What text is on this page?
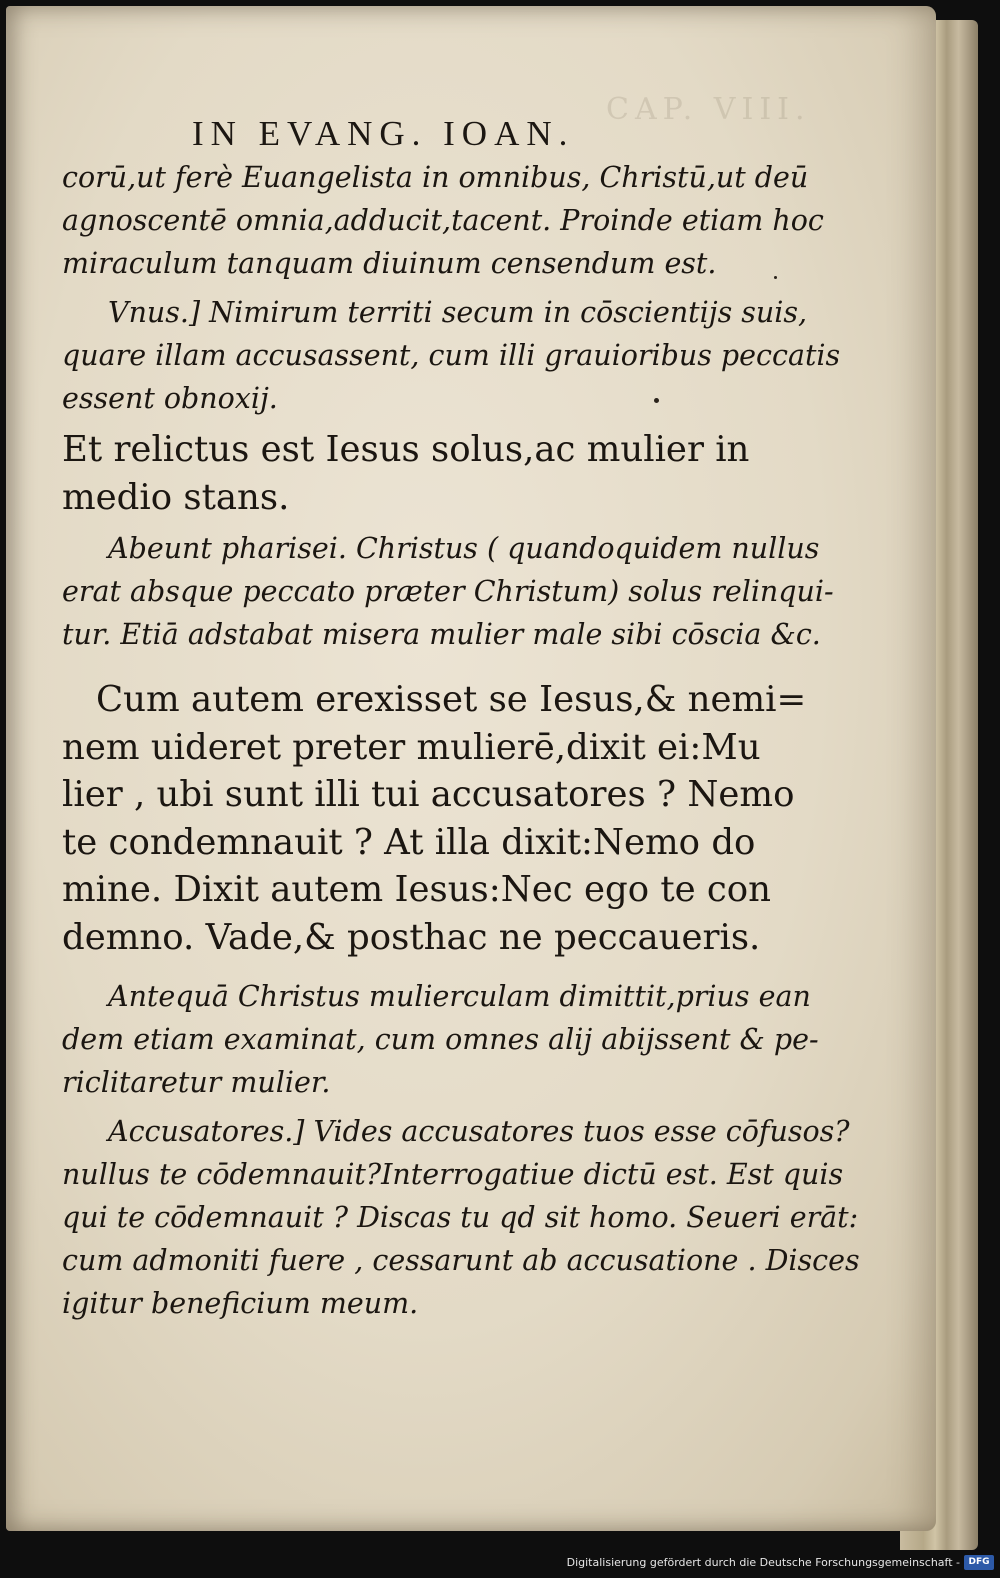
CAP. VIII.
IN EVANG. IOAN.

corū,ut ferè Euangelista in omnibus, Christū,ut deū
agnoscentē omnia,adducit,tacent. Proinde etiam hoc
miraculum tanquam diuinum censendum est.

Vnus.] Nimirum territi secum in cōscientijs suis,
quare illam accusassent, cum illi grauioribus peccatis
essent obnoxij.

Et relictus est Iesus solus,ac mulier in
medio stans.

Abeunt pharisei. Christus ( quandoquidem nullus
erat absque peccato præter Christum) solus relinqui-
tur. Etiā adstabat misera mulier male sibi cōscia &c.

Cum autem erexisset se Iesus,& nemi=
nem uideret preter mulierē,dixit ei:Mu
lier , ubi sunt illi tui accusatores ? Nemo
te condemnauit ? At illa dixit:Nemo do
mine. Dixit autem Iesus:Nec ego te con
demno. Vade,& posthac ne peccaueris.

Antequā Christus mulierculam dimittit,prius ean
dem etiam examinat, cum omnes alij abijssent & pe-
riclitaretur mulier.

Accusatores.] Vides accusatores tuos esse cōfusos?
nullus te cōdemnauit?Interrogatiue dictū est. Est quis
qui te cōdemnauit ? Discas tu qd sit homo. Seueri erāt:
cum admoniti fuere , cessarunt ab accusatione . Disces
igitur beneficium meum.

Digitalisierung gefördert durch die Deutsche Forschungsgemeinschaft - DFG
